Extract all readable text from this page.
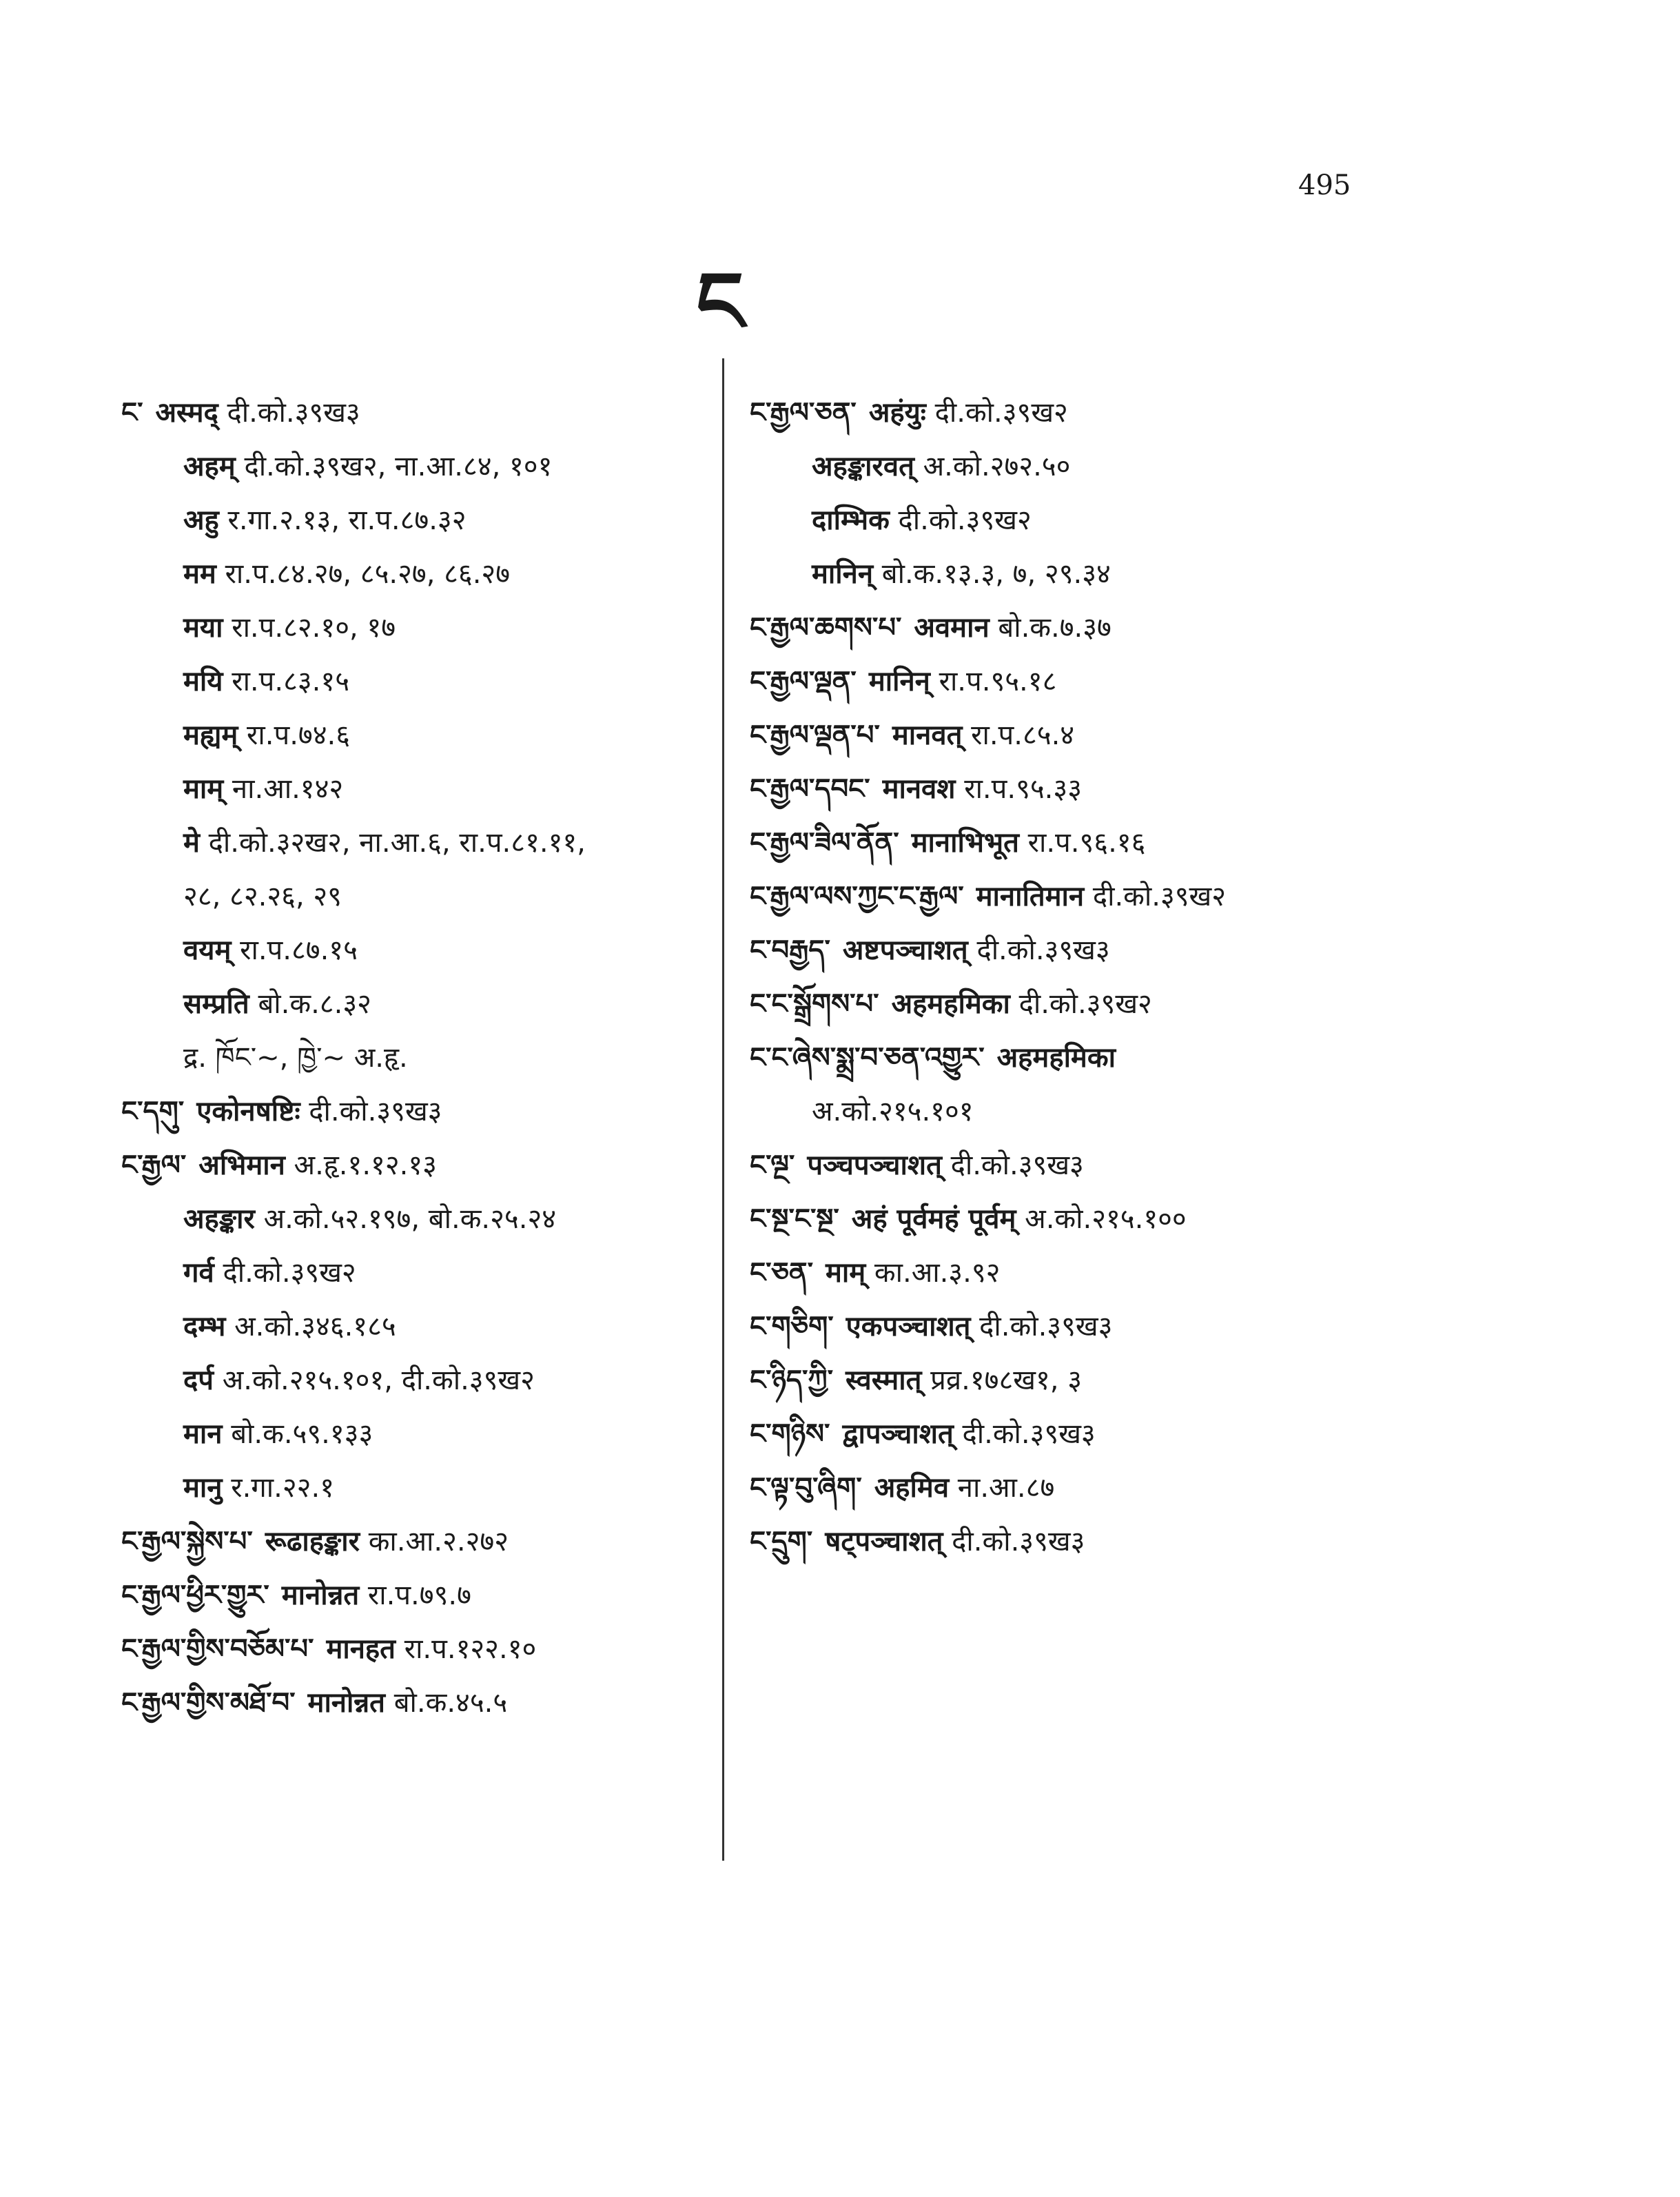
495
ང
ང་ अस्मद् दी.को.३९ख३
अहम् दी.को.३९ख२, ना.आ.८४, १०१
अहु र.गा.२.१३, रा.प.८७.३२
मम रा.प.८४.२७, ८५.२७, ८६.२७
मया रा.प.८२.१०, १७
मयि रा.प.८३.१५
मह्यम् रा.प.७४.६
माम् ना.आ.१४२
मे दी.को.३२ख२, ना.आ.६, रा.प.८१.११,
२८, ८२.२६, २९
वयम् रा.प.८७.१५
सम्प्रति बो.क.८.३२
द्र. ཁོང་~, ཁྱེ་~ अ.हृ.
ང་དགུ་ एकोनषष्टिः दी.को.३९ख३
ང་རྒྱལ་ अभिमान अ.हृ.१.१२.१३
अहङ्कार अ.को.५२.१९७, बो.क.२५.२४
गर्व दी.को.३९ख२
दम्भ अ.को.३४६.१८५
दर्प अ.को.२१५.१०१, दी.को.३९ख२
मान बो.क.५९.१३३
मानु र.गा.२२.१
ང་རྒྱལ་སྐྱེས་པ་ रूढाहङ्कार का.आ.२.२७२
ང་རྒྱལ་ཕྱིར་གྱུར་ मानोन्नत रा.प.७९.७
ང་རྒྱལ་གྱིས་བཅོམ་པ་ मानहत रा.प.१२२.१०
ང་རྒྱལ་གྱིས་མཐོ་བ་ मानोन्नत बो.क.४५.५
ང་རྒྱལ་ཅན་ अहंयुः दी.को.३९ख२
अहङ्कारवत् अ.को.२७२.५०
दाम्भिक दी.को.३९ख२
मानिन् बो.क.१३.३, ७, २९.३४
ང་རྒྱལ་ཆགས་པ་ अवमान बो.क.७.३७
ང་རྒྱལ་ལྡན་ मानिन् रा.प.९५.१८
ང་རྒྱལ་ལྡན་པ་ मानवत् रा.प.८५.४
ང་རྒྱལ་དབང་ मानवश रा.प.९५.३३
ང་རྒྱལ་ཟིལ་ནོན་ मानाभिभूत रा.प.९६.१६
ང་རྒྱལ་ལས་ཀྱང་ང་རྒྱལ་ मानातिमान दी.को.३९ख२
ང་བརྒྱད་ अष्टपञ्चाशत् दी.को.३९ख३
ང་ང་སྒྲོགས་པ་ अहमहमिका दी.को.३९ख२
ང་ང་ཞེས་སྨྲ་བ་ཅན་འགྱུར་ अहमहमिका
अ.को.२१५.१०१
ང་ལྔ་ पञ्चपञ्चाशत् दी.को.३९ख३
ང་སྔ་ང་སྔ་ अहं पूर्वमहं पूर्वम् अ.को.२१५.१००
ང་ཅན་ माम् का.आ.३.९२
ང་གཅིག་ एकपञ्चाशत् दी.को.३९ख३
ང་ཉིད་ཀྱི་ स्वस्मात् प्रव्र.१७८ख१, ३
ང་གཉིས་ द्वापञ्चाशत् दी.को.३९ख३
ང་ལྟ་བུ་ཞིག་ अहमिव ना.आ.८७
ང་དྲུག་ षट्पञ्चाशत् दी.को.३९ख३
